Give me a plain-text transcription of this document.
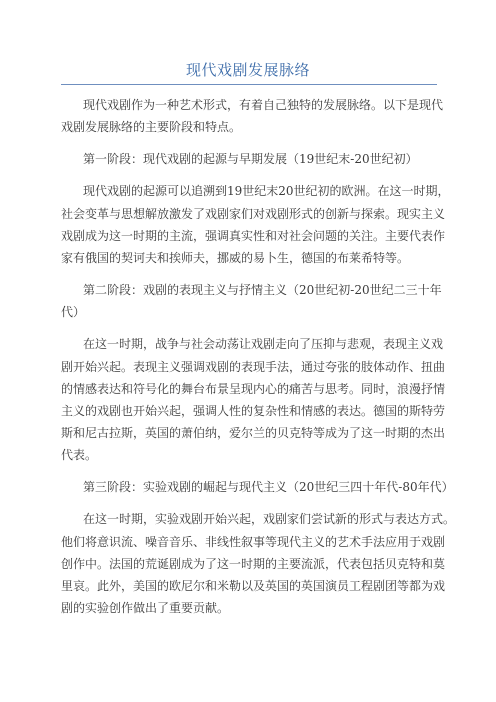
现代戏剧发展脉络
现代戏剧作为一种艺术形式，有着自己独特的发展脉络。以下是现代
戏剧发展脉络的主要阶段和特点。
第一阶段：现代戏剧的起源与早期发展（19世纪末-20世纪初）
现代戏剧的起源可以追溯到19世纪末20世纪初的欧洲。在这一时期，
社会变革与思想解放激发了戏剧家们对戏剧形式的创新与探索。现实主义
戏剧成为这一时期的主流，强调真实性和对社会问题的关注。主要代表作
家有俄国的契诃夫和挨师夫，挪威的易卜生，德国的布莱希特等。
第二阶段：戏剧的表现主义与抒情主义（20世纪初-20世纪二三十年
代）
在这一时期，战争与社会动荡让戏剧走向了压抑与悲观，表现主义戏
剧开始兴起。表现主义强调戏剧的表现手法，通过夸张的肢体动作、扭曲
的情感表达和符号化的舞台布景呈现内心的痛苦与思考。同时，浪漫抒情
主义的戏剧也开始兴起，强调人性的复杂性和情感的表达。德国的斯特劳
斯和尼古拉斯，英国的萧伯纳，爱尔兰的贝克特等成为了这一时期的杰出
代表。
第三阶段：实验戏剧的崛起与现代主义（20世纪三四十年代-80年代）
在这一时期，实验戏剧开始兴起，戏剧家们尝试新的形式与表达方式。
他们将意识流、噪音音乐、非线性叙事等现代主义的艺术手法应用于戏剧
创作中。法国的荒诞剧成为了这一时期的主要流派，代表包括贝克特和莫
里哀。此外，美国的欧尼尔和米勒以及英国的英国演员工程剧团等都为戏
剧的实验创作做出了重要贡献。
